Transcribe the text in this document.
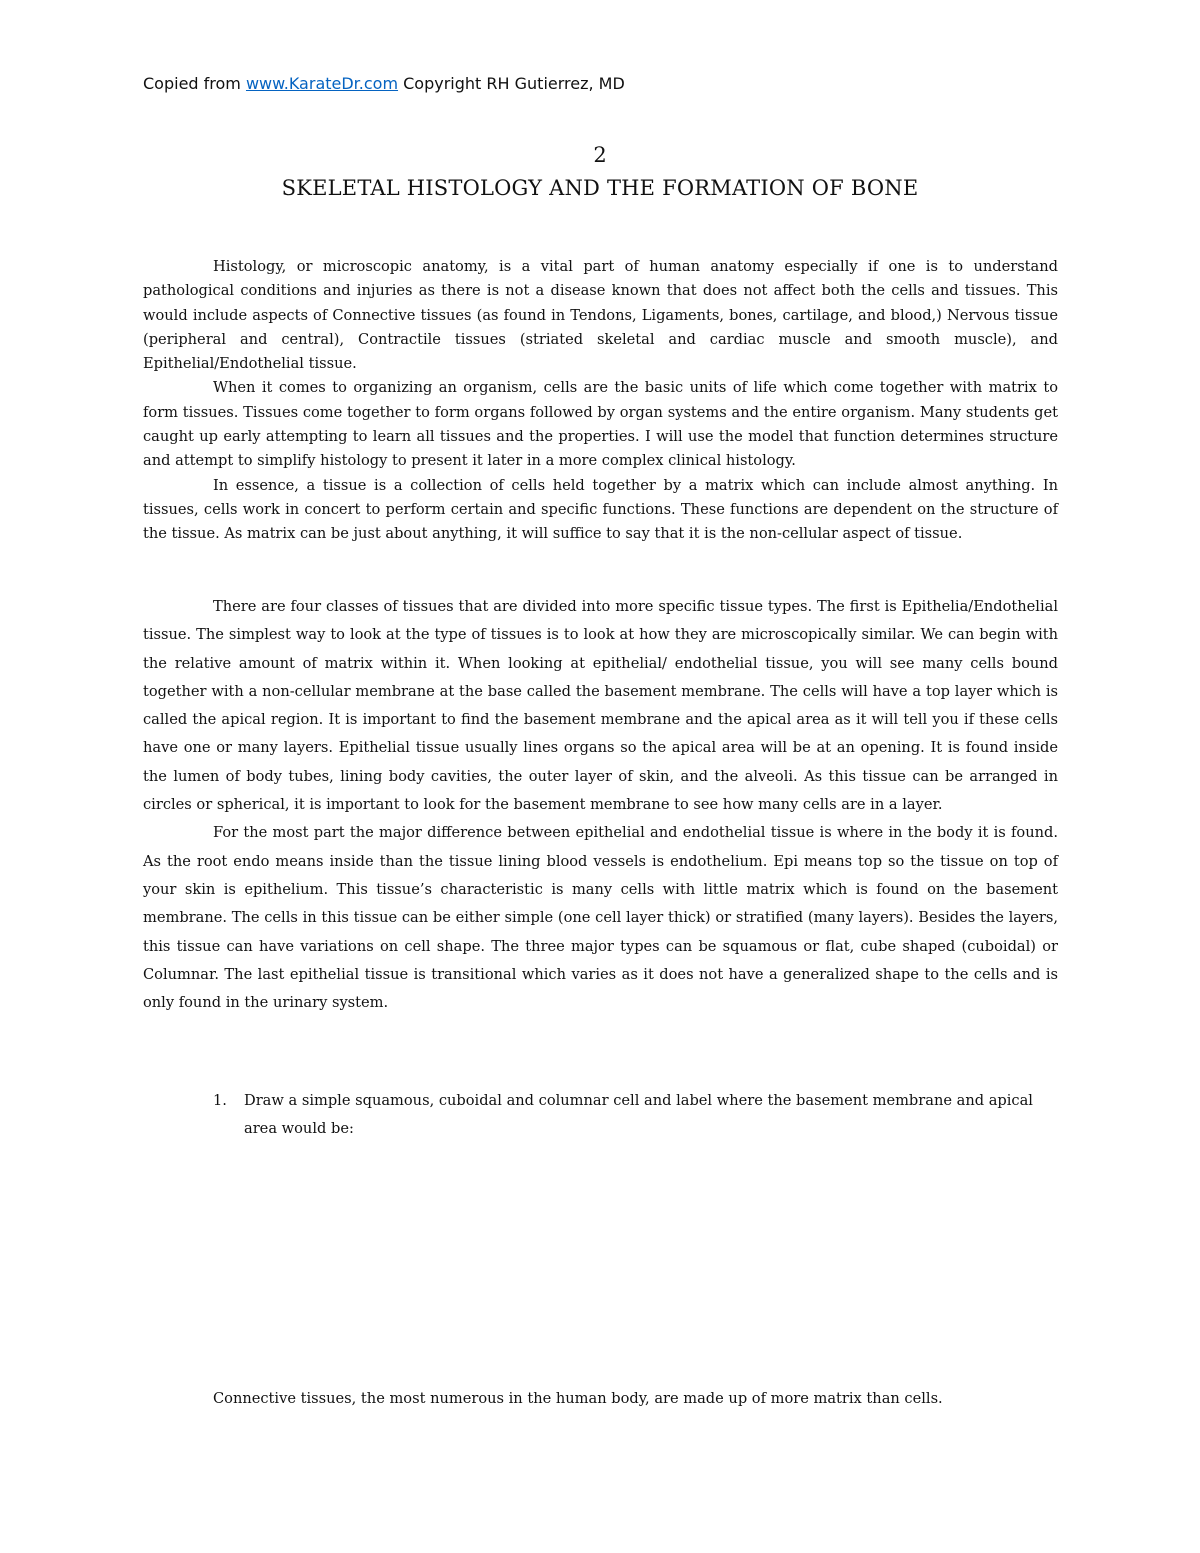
Copied from www.KarateDr.com Copyright RH Gutierrez, MD
2
SKELETAL HISTOLOGY AND THE FORMATION OF BONE

Histology, or microscopic anatomy, is a vital part of human anatomy especially if one is to understand pathological conditions and injuries as there is not a disease known that does not affect both the cells and tissues. This would include aspects of Connective tissues (as found in Tendons, Ligaments, bones, cartilage, and blood,) Nervous tissue (peripheral and central), Contractile tissues (striated skeletal and cardiac muscle and smooth muscle), and Epithelial/Endothelial tissue.

When it comes to organizing an organism, cells are the basic units of life which come together with matrix to form tissues. Tissues come together to form organs followed by organ systems and the entire organism. Many students get caught up early attempting to learn all tissues and the properties. I will use the model that function determines structure and attempt to simplify histology to present it later in a more complex clinical histology.

In essence, a tissue is a collection of cells held together by a matrix which can include almost anything. In tissues, cells work in concert to perform certain and specific functions. These functions are dependent on the structure of the tissue. As matrix can be just about anything, it will suffice to say that it is the non-cellular aspect of tissue.

There are four classes of tissues that are divided into more specific tissue types. The first is Epithelia/Endothelial tissue. The simplest way to look at the type of tissues is to look at how they are microscopically similar. We can begin with the relative amount of matrix within it. When looking at epithelial/ endothelial tissue, you will see many cells bound together with a non-cellular membrane at the base called the basement membrane. The cells will have a top layer which is called the apical region. It is important to find the basement membrane and the apical area as it will tell you if these cells have one or many layers. Epithelial tissue usually lines organs so the apical area will be at an opening. It is found inside the lumen of body tubes, lining body cavities, the outer layer of skin, and the alveoli. As this tissue can be arranged in circles or spherical, it is important to look for the basement membrane to see how many cells are in a layer.

For the most part the major difference between epithelial and endothelial tissue is where in the body it is found. As the root endo means inside than the tissue lining blood vessels is endothelium. Epi means top so the tissue on top of your skin is epithelium. This tissue’s characteristic is many cells with little matrix which is found on the basement membrane. The cells in this tissue can be either simple (one cell layer thick) or stratified (many layers). Besides the layers, this tissue can have variations on cell shape. The three major types can be squamous or flat, cube shaped (cuboidal) or Columnar. The last epithelial tissue is transitional which varies as it does not have a generalized shape to the cells and is only found in the urinary system.

1. Draw a simple squamous, cuboidal and columnar cell and label where the basement membrane and apical area would be:
Connective tissues, the most numerous in the human body, are made up of more matrix than cells.
